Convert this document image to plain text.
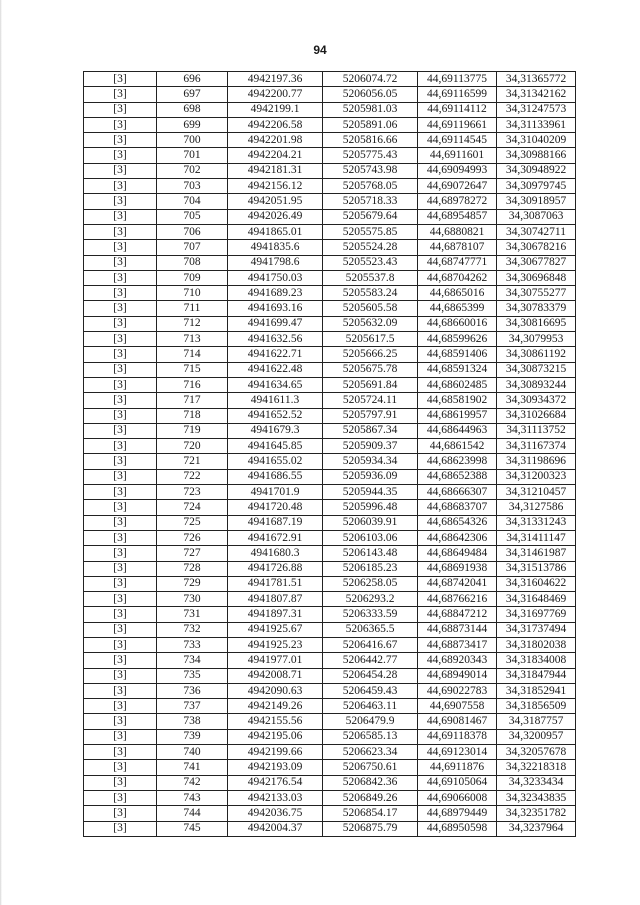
94
[3]	696	4942197.36	5206074.72	44,69113775	34,31365772
[3]	697	4942200.77	5206056.05	44,69116599	34,31342162
[3]	698	4942199.1	5205981.03	44,69114112	34,31247573
[3]	699	4942206.58	5205891.06	44,69119661	34,31133961
[3]	700	4942201.98	5205816.66	44,69114545	34,31040209
[3]	701	4942204.21	5205775.43	44,6911601	34,30988166
[3]	702	4942181.31	5205743.98	44,69094993	34,30948922
[3]	703	4942156.12	5205768.05	44,69072647	34,30979745
[3]	704	4942051.95	5205718.33	44,68978272	34,30918957
[3]	705	4942026.49	5205679.64	44,68954857	34,3087063
[3]	706	4941865.01	5205575.85	44,6880821	34,30742711
[3]	707	4941835.6	5205524.28	44,6878107	34,30678216
[3]	708	4941798.6	5205523.43	44,68747771	34,30677827
[3]	709	4941750.03	5205537.8	44,68704262	34,30696848
[3]	710	4941689.23	5205583.24	44,6865016	34,30755277
[3]	711	4941693.16	5205605.58	44,6865399	34,30783379
[3]	712	4941699.47	5205632.09	44,68660016	34,30816695
[3]	713	4941632.56	5205617.5	44,68599626	34,3079953
[3]	714	4941622.71	5205666.25	44,68591406	34,30861192
[3]	715	4941622.48	5205675.78	44,68591324	34,30873215
[3]	716	4941634.65	5205691.84	44,68602485	34,30893244
[3]	717	4941611.3	5205724.11	44,68581902	34,30934372
[3]	718	4941652.52	5205797.91	44,68619957	34,31026684
[3]	719	4941679.3	5205867.34	44,68644963	34,31113752
[3]	720	4941645.85	5205909.37	44,6861542	34,31167374
[3]	721	4941655.02	5205934.34	44,68623998	34,31198696
[3]	722	4941686.55	5205936.09	44,68652388	34,31200323
[3]	723	4941701.9	5205944.35	44,68666307	34,31210457
[3]	724	4941720.48	5205996.48	44,68683707	34,3127586
[3]	725	4941687.19	5206039.91	44,68654326	34,31331243
[3]	726	4941672.91	5206103.06	44,68642306	34,31411147
[3]	727	4941680.3	5206143.48	44,68649484	34,31461987
[3]	728	4941726.88	5206185.23	44,68691938	34,31513786
[3]	729	4941781.51	5206258.05	44,68742041	34,31604622
[3]	730	4941807.87	5206293.2	44,68766216	34,31648469
[3]	731	4941897.31	5206333.59	44,68847212	34,31697769
[3]	732	4941925.67	5206365.5	44,68873144	34,31737494
[3]	733	4941925.23	5206416.67	44,68873417	34,31802038
[3]	734	4941977.01	5206442.77	44,68920343	34,31834008
[3]	735	4942008.71	5206454.28	44,68949014	34,31847944
[3]	736	4942090.63	5206459.43	44,69022783	34,31852941
[3]	737	4942149.26	5206463.11	44,6907558	34,31856509
[3]	738	4942155.56	5206479.9	44,69081467	34,3187757
[3]	739	4942195.06	5206585.13	44,69118378	34,3200957
[3]	740	4942199.66	5206623.34	44,69123014	34,32057678
[3]	741	4942193.09	5206750.61	44,6911876	34,32218318
[3]	742	4942176.54	5206842.36	44,69105064	34,3233434
[3]	743	4942133.03	5206849.26	44,69066008	34,32343835
[3]	744	4942036.75	5206854.17	44,68979449	34,32351782
[3]	745	4942004.37	5206875.79	44,68950598	34,3237964
